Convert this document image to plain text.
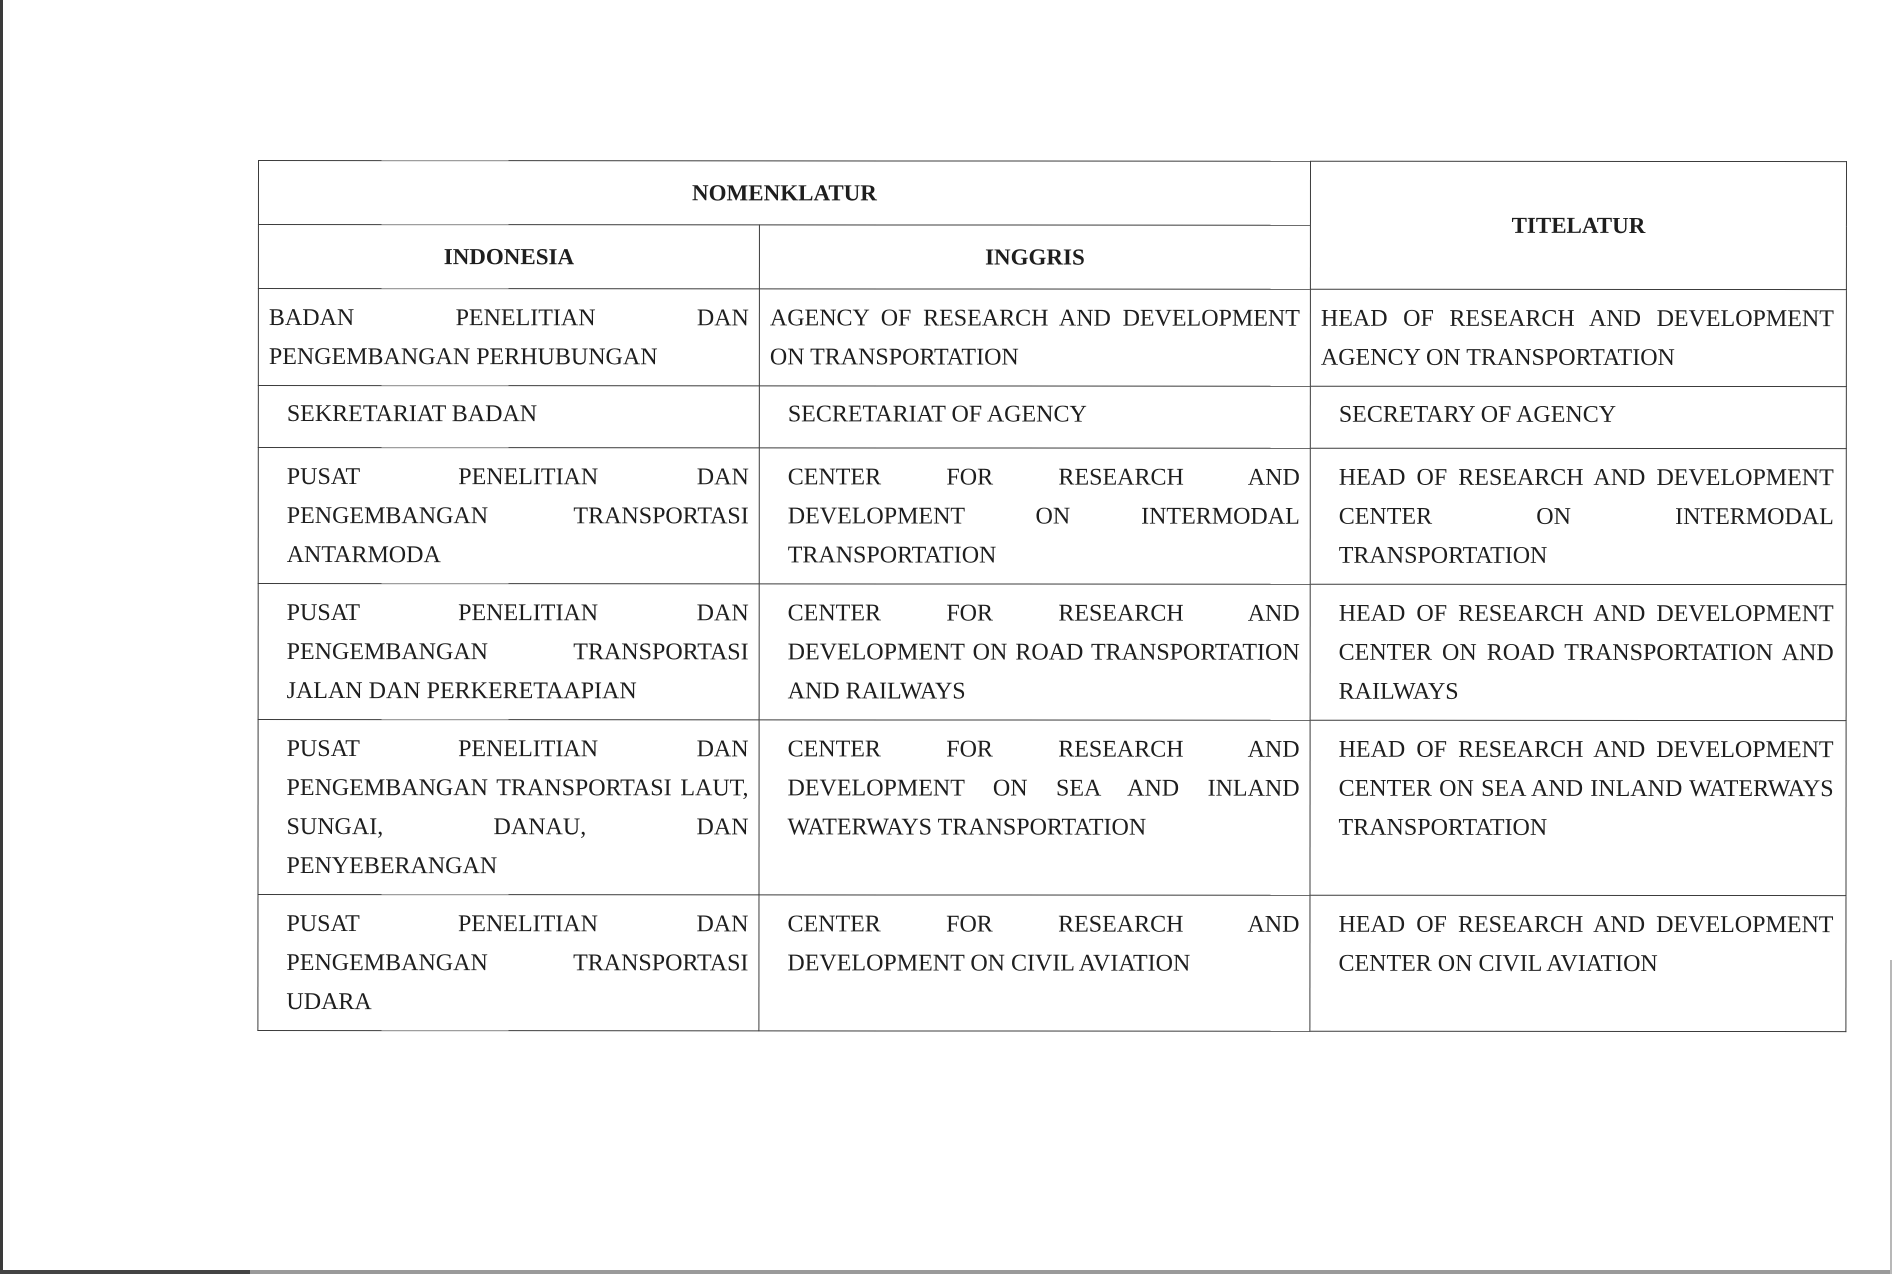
NOMENKLATUR		TITELATUR
INDONESIA	INGGRIS	

BADAN PENELITIAN DAN PENGEMBANGAN PERHUBUNGAN	AGENCY OF RESEARCH AND DEVELOPMENT ON TRANSPORTATION	HEAD OF RESEARCH AND DEVELOPMENT AGENCY ON TRANSPORTATION

SEKRETARIAT BADAN	SECRETARIAT OF AGENCY	SECRETARY OF AGENCY

PUSAT PENELITIAN DAN PENGEMBANGAN TRANSPORTASI ANTARMODA	CENTER FOR RESEARCH AND DEVELOPMENT ON INTERMODAL TRANSPORTATION	HEAD OF RESEARCH AND DEVELOPMENT CENTER ON INTERMODAL TRANSPORTATION

PUSAT PENELITIAN DAN PENGEMBANGAN TRANSPORTASI JALAN DAN PERKERETAAPIAN	CENTER FOR RESEARCH AND DEVELOPMENT ON ROAD TRANSPORTATION AND RAILWAYS	HEAD OF RESEARCH AND DEVELOPMENT CENTER ON ROAD TRANSPORTATION AND RAILWAYS

PUSAT PENELITIAN DAN PENGEMBANGAN TRANSPORTASI LAUT, SUNGAI, DANAU, DAN PENYEBERANGAN	CENTER FOR RESEARCH AND DEVELOPMENT ON SEA AND INLAND WATERWAYS TRANSPORTATION	HEAD OF RESEARCH AND DEVELOPMENT CENTER ON SEA AND INLAND WATERWAYS TRANSPORTATION

PUSAT PENELITIAN DAN PENGEMBANGAN TRANSPORTASI UDARA	CENTER FOR RESEARCH AND DEVELOPMENT ON CIVIL AVIATION	HEAD OF RESEARCH AND DEVELOPMENT CENTER ON CIVIL AVIATION
